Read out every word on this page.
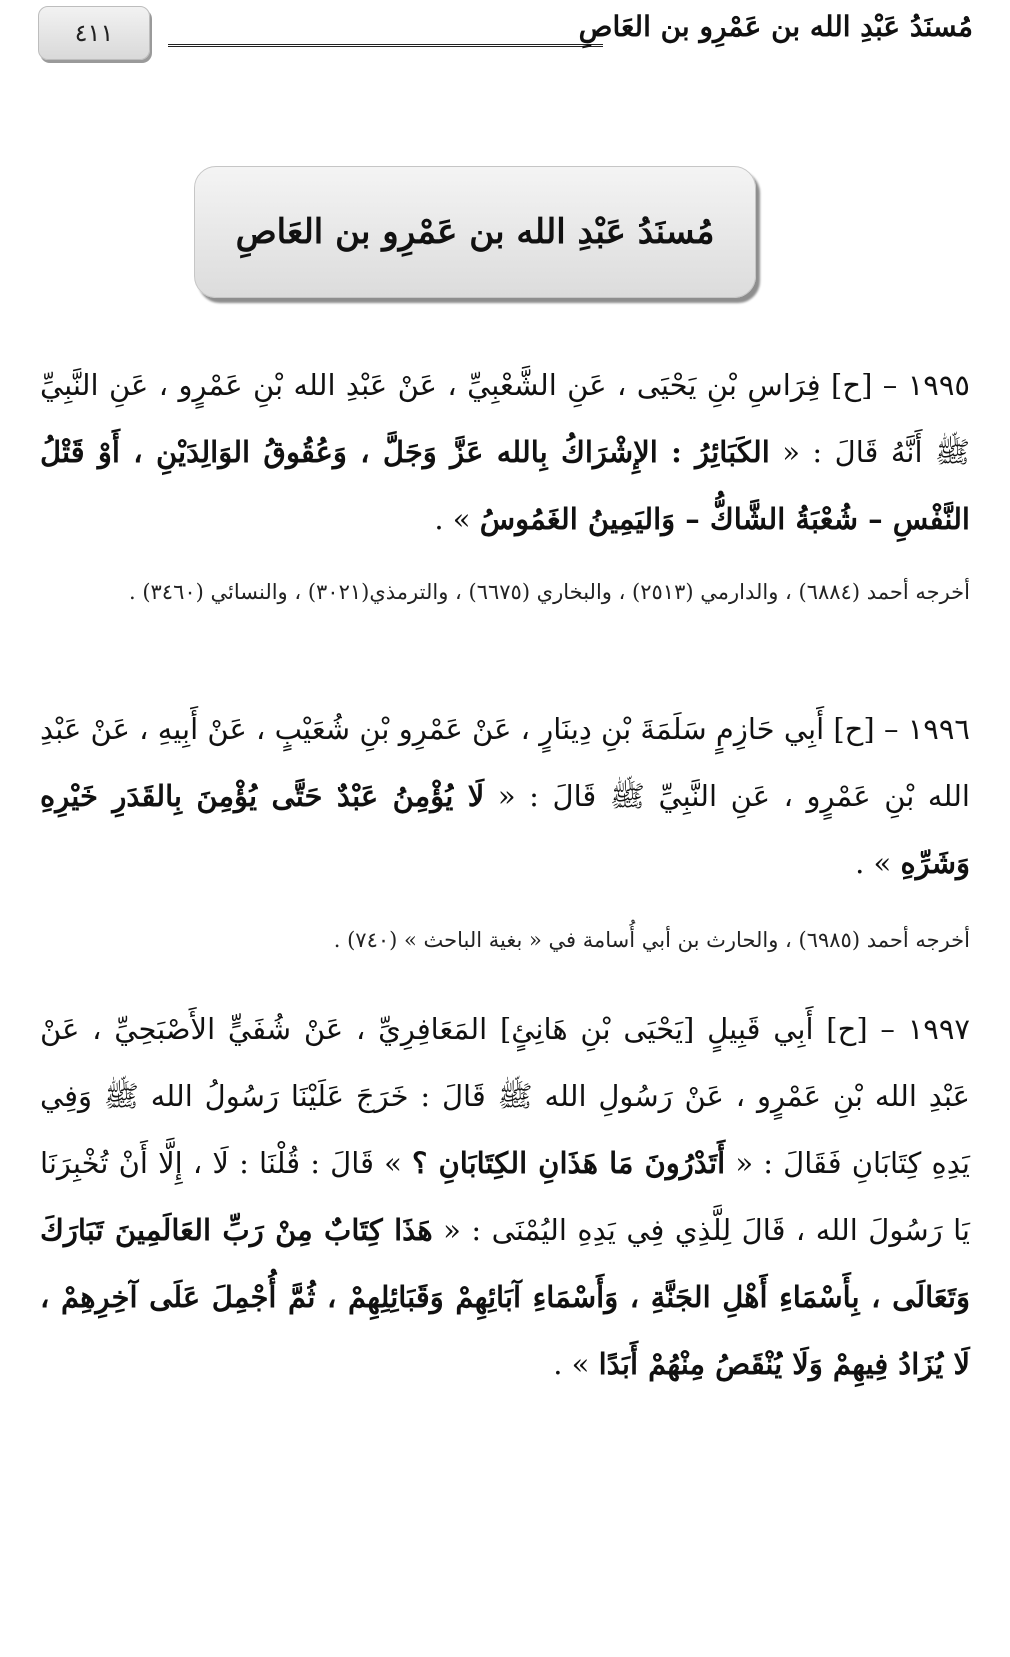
٤١١	مُسنَدُ عَبْدِ الله بن عَمْرِو بن العَاصِ
مُسنَدُ عَبْدِ الله بن عَمْرِو بن العَاصِ
١٩٩٥ – [ح] فِرَاسِ بْنِ يَحْيَى ، عَنِ الشَّعْبِيِّ ، عَنْ عَبْدِ الله بْنِ عَمْرٍو ، عَنِ النَّبِيِّ ﷺ أَنَّهُ قَالَ : « الكَبَائِرُ : الإِشْرَاكُ بِالله عَزَّ وَجَلَّ ، وَعُقُوقُ الوَالِدَيْنِ ، أَوْ قَتْلُ النَّفْسِ – شُعْبَةُ الشَّاكُّ – وَاليَمِينُ الغَمُوسُ » .
أخرجه أحمد (٦٨٨٤) ، والدارمي (٢٥١٣) ، والبخاري (٦٦٧٥) ، والترمذي(٣٠٢١) ، والنسائي (٣٤٦٠) .
١٩٩٦ – [ح] أَبِي حَازِمٍ سَلَمَةَ بْنِ دِينَارٍ ، عَنْ عَمْرِو بْنِ شُعَيْبٍ ، عَنْ أَبِيهِ ، عَنْ عَبْدِ الله بْنِ عَمْرٍو ، عَنِ النَّبِيِّ ﷺ قَالَ : « لَا يُؤْمِنُ عَبْدٌ حَتَّى يُؤْمِنَ بِالقَدَرِ خَيْرِهِ وَشَرِّهِ » .
أخرجه أحمد (٦٩٨٥) ، والحارث بن أبي أُسامة في « بغية الباحث » (٧٤٠) .
١٩٩٧ – [ح] أَبِي قَبِيلٍ [يَحْيَى بْنِ هَانِئٍ] المَعَافِرِيِّ ، عَنْ شُفَيٍّ الأَصْبَحِيِّ ، عَنْ عَبْدِ الله بْنِ عَمْرٍو ، عَنْ رَسُولِ الله ﷺ قَالَ : خَرَجَ عَلَيْنَا رَسُولُ الله ﷺ وَفِي يَدِهِ كِتَابَانِ فَقَالَ : « أَتَدْرُونَ مَا هَذَانِ الكِتَابَانِ ؟ » قَالَ : قُلْنَا : لَا ، إِلَّا أَنْ تُخْبِرَنَا يَا رَسُولَ الله ، قَالَ لِلَّذِي فِي يَدِهِ اليُمْنَى : « هَذَا كِتَابٌ مِنْ رَبِّ العَالَمِينَ تَبَارَكَ وَتَعَالَى ، بِأَسْمَاءِ أَهْلِ الجَنَّةِ ، وَأَسْمَاءِ آبَائِهِمْ وَقَبَائِلِهِمْ ، ثُمَّ أُجْمِلَ عَلَى آخِرِهِمْ ، لَا يُزَادُ فِيهِمْ وَلَا يُنْقَصُ مِنْهُمْ أَبَدًا » .
